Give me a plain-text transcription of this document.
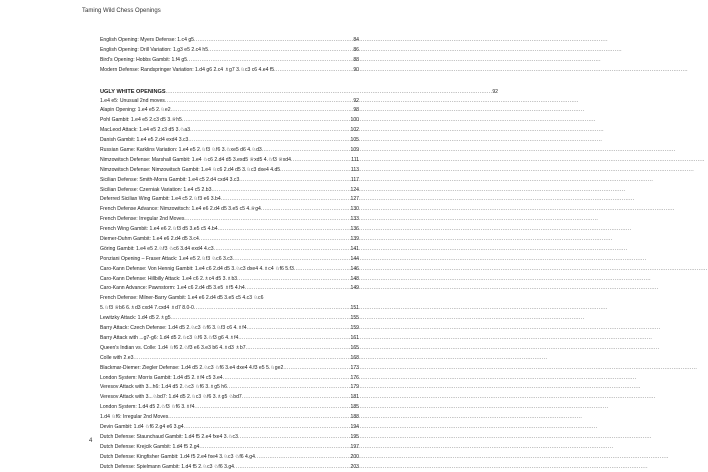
Taming Wild Chess Openings
English Opening: Myers Defense: 1.c4 g5 .....	84
English Opening: Drill Variation: 1.g3 e5 2.c4 h5 .....	86
Bird's Opening: Hobbs Gambit: 1.f4 g5 .....	88
Modern Defense: Randspringer Variation: 1.d4 g6 2.c4 ♗g7 3.♘c3 c6 4.e4 f5 .....	90
UGLY WHITE OPENINGS .....	92
1.e4 e5: Unusual 2nd moves .....	92
Alapin Opening: 1.e4 e5 2.♘e2 .....	98
Pohl Gambit: 1.e4 e5 2.c3 d5 3.♕h5 .....	100
MacLeod Attack: 1.e4 e5 2.c3 d5 3.♘a3 .....	102
Danish Gambit: 1.e4 e5 2.d4 exd4 3.c3 .....	105
Russian Game: Karklins Variation: 1.e4 e5 2.♘f3 ♘f6 3.♘xe5 d6 4.♘d3 .....	109
Nimzowitsch Defense: Marshall Gambit: 1.e4 ♘c6 2.d4 d5 3.exd5 ♕xd5 4.♘f3 ♕xd4 .....	111
Nimzowitsch Defense: Nimzowitsch Gambit: 1.e4 ♘c6 2.d4 d5 3.♘c3 dxe4 4.d5 .....	113
Sicilian Defense: Smith-Morra Gambit: 1.e4 c5 2.d4 cxd4 3.c3 .....	117
Sicilian Defense: Czerniak Variation: 1.e4 c5 2.b3 .....	124
Deferred Sicilian Wing Gambit: 1.e4 c5 2.♘f3 e6 3.b4 .....	127
French Defense Advance: Nimzowitsch: 1.e4 e6 2.d4 d5 3.e5 c5 4.♕g4 .....	130
French Defense: Irregular 2nd Moves .....	133
French Wing Gambit: 1.e4 e6 2.♘f3 d5 3.e5 c5 4.b4 .....	136
Diemer-Duhm Gambit: 1.e4 e6 2.d4 d5 3.c4 .....	139
Göring Gambit: 1.e4 e5 2.♘f3 ♘c6 3.d4 exd4 4.c3 .....	141
Ponziani Opening – Fraser Attack: 1.e4 e5 2.♘f3 ♘c6 3.c3 .....	144
Caro-Kann Defense: Von Hennig Gambit: 1.e4 c6 2.d4 d5 3.♘c3 dxe4 4.♗c4 ♘f6 5.f3 .....	146
Caro-Kann Defense: Hillbilly Attack: 1.e4 c6 2.♗c4 d5 3.♗b3 .....	148
Caro-Kann Advance: Pawnstorm: 1.e4 c6 2.d4 d5 3.e5 ♗f5 4.h4 .....	149
French Defense: Milner-Barry Gambit: 1.e4 e6 2.d4 d5 3.e5 c5 4.c3 ♘c6
5.♘f3 ♕b6 6.♗d3 cxd4 7.cxd4 ♗d7 8.0-0 .....	151
Lewitzky Attack: 1.d4 d5 2.♗g5 .....	155
Barry Attack: Czech Defense: 1.d4 d5 2.♘c3 ♘f6 3.♘f3 c6 4.♗f4 .....	159
Barry Attack with ...g7-g6: 1.d4 d5 2.♘c3 ♘f6 3.♘f3 g6 4.♗f4 .....	161
Queen's Indian vs. Colle: 1.d4 ♘f6 2.♘f3 e6 3.e3 b6 4.♗d3 ♗b7 .....	165
Colle with 2.e3 .....	168
Blackmar-Diemer: Ziegler Defense: 1.d4 d5 2.♘c3 ♘f6 3.e4 dxe4 4.f3 e5 5.♘ge2 .....	173
London System: Morris Gambit: 1.d4 d5 2.♗f4 c5 3.e4 .....	176
Veresov Attack with 3...h6: 1.d4 d5 2.♘c3 ♘f6 3.♗g5 h6 .....	179
Veresov Attack with 3...♘bd7: 1.d4 d5 2.♘c3 ♘f6 3.♗g5 ♘bd7 .....	181
London System: 1.d4 d5 2.♘f3 ♘f6 3.♗f4 .....	185
1.d4 ♘f6: Irregular 2nd Moves .....	188
Devin Gambit: 1.d4 ♘f6 2.g4 e6 3.g4 .....	194
Dutch Defense: Staunchaud Gambit: 1.d4 f5 2.e4 fxe4 3.♘c3 .....	195
Dutch Defense: Krejcik Gambit: 1.d4 f5 2.g4 .....	197
Dutch Defense: Kingfisher Gambit: 1.d4 f5 2.e4 fxe4 3.♘c3 ♘f6 4.g4 .....	200
Dutch Defense: Spielmann Gambit: 1.d4 f5 2.♘c3 ♘f6 3.g4 .....	203
4
